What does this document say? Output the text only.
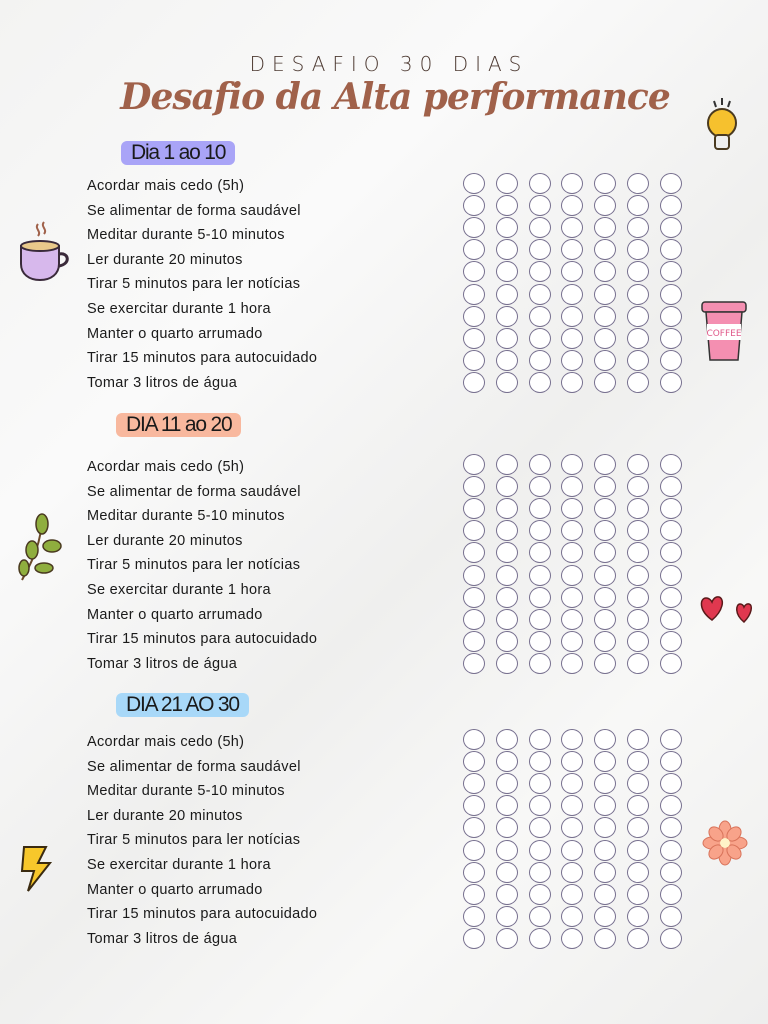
DESAFIO 30 DIAS
Desafio da Alta performance
Dia 1 ao 10
Acordar mais cedo (5h)
Se alimentar de forma saudável
Meditar durante 5-10 minutos
Ler durante 20 minutos
Tirar 5 minutos para ler notícias
Se exercitar durante 1 hora
Manter o quarto arrumado
Tirar 15 minutos para autocuidado
Tomar 3 litros de água
DIA 11 ao 20
Acordar mais cedo (5h)
Se alimentar de forma saudável
Meditar durante 5-10 minutos
Ler durante 20 minutos
Tirar 5 minutos para ler notícias
Se exercitar durante 1 hora
Manter o quarto arrumado
Tirar 15 minutos para autocuidado
Tomar 3 litros de água
DIA 21 AO 30
Acordar mais cedo (5h)
Se alimentar de forma saudável
Meditar durante 5-10 minutos
Ler durante 20 minutos
Tirar 5 minutos para ler notícias
Se exercitar durante 1 hora
Manter o quarto arrumado
Tirar 15 minutos para autocuidado
Tomar 3 litros de água
COFFEE
